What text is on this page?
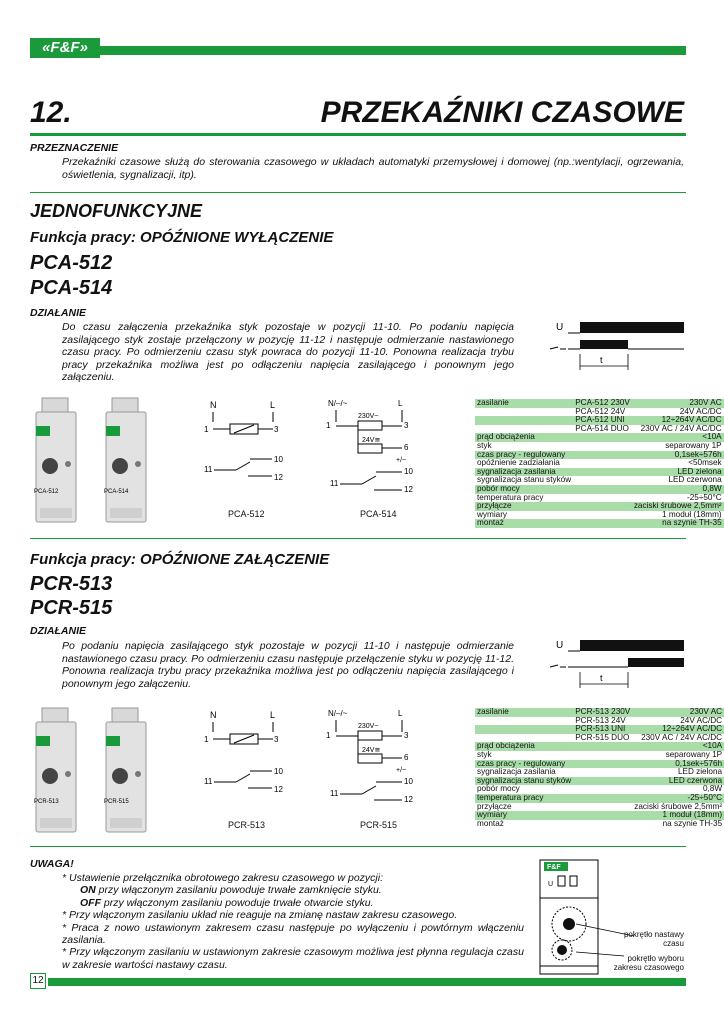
«F&F»
12.	PRZEKAŹNIKI CZASOWE
PRZEZNACZENIE
Przekaźniki czasowe służą do sterowania czasowego w układach automatyki przemysłowej i domowej (np.:wentylacji, ogrzewania, oświetlenia, sygnalizacji, itp).
JEDNOFUNKCYJNE
Funkcja pracy: OPÓŹNIONE WYŁĄCZENIE
PCA-512
PCA-514
DZIAŁANIE
Do czasu załączenia przekaźnika styk pozostaje w pozycji 11-10. Po podaniu napięcia zasilającego styk zostaje przełączony w pozycję 11-12 i następuje odmierzanie nastawionego czasu pracy. Po odmierzeniu czasu styk powraca do pozycji 11-10. Ponowna realizacja trybu pracy przekaźnika możliwa jest po odłączeniu napięcia zasilającego i ponownym jego załączeniu.
U
t
PCA-512	PCA-514
N	L
1	3
10
11
12
PCA-512
N/–/~	L
230V~
1	3
24V≅
6
+/~
10
11
12
PCA-514
zasilanie	PCA-512 230V	230V AC
	PCA-512 24V	24V AC/DC
	PCA-512 UNI	12÷264V AC/DC
	PCA-514 DUO	230V AC / 24V AC/DC
prąd obciążenia		<10A
styk		separowany 1P
czas pracy - regulowany		0,1sek÷576h
opóźnienie zadziałania		<50msek
sygnalizacja zasilania		LED zielona
sygnalizacja stanu styków		LED czerwona
pobór mocy		0,8W
temperatura pracy		-25÷50°C
przyłącze		zaciski śrubowe 2,5mm²
wymiary		1 moduł (18mm)
montaż		na szynie TH-35
Funkcja pracy: OPÓŹNIONE ZAŁĄCZENIE
PCR-513
PCR-515
DZIAŁANIE
Po podaniu napięcia zasilającego styk pozostaje w pozycji 11-10 i następuje odmierzanie nastawionego czasu pracy. Po odmierzeniu czasu następuje przełączenie styku w pozycję 11-12. Ponowna realizacja trybu pracy przekaźnika możliwa jest po odłączeniu napięcia zasilającego i ponownym jego załączeniu.
U
t
PCR-513	PCR-515
N	L
1	3
10
11
12
PCR-513
N/–/~	L
230V~
1	3
24V≅
6
+/~
10
11
12
PCR-515
zasilanie	PCR-513 230V	230V AC
	PCR-513 24V	24V AC/DC
	PCR-513 UNI	12÷264V AC/DC
	PCR-515 DUO	230V AC / 24V AC/DC
prąd obciążenia		<10A
styk		separowany 1P
czas pracy - regulowany		0,1sek÷576h
sygnalizacja zasilania		LED zielona
sygnalizacja stanu styków		LED czerwona
pobór mocy		0,8W
temperatura pracy		-25÷50°C
przyłącze		zaciski śrubowe 2,5mm²
wymiary		1 moduł (18mm)
montaż		na szynie TH-35
UWAGA!
* Ustawienie przełącznika obrotowego zakresu czasowego w pozycji:
ON przy włączonym zasilaniu powoduje trwałe zamknięcie styku.
OFF przy włączonym zasilaniu powoduje trwałe otwarcie styku.
* Przy włączonym zasilaniu układ nie reaguje na zmianę nastaw zakresu czasowego.
* Praca z nowo ustawionym zakresem czasu następuje po wyłączeniu i powtórnym włączeniu zasilania.
* Przy włączonym zasilaniu w ustawionym zakresie czasowym możliwa jest płynna regulacja czasu w zakresie wartości nastawy czasu.
F&F
U
pokrętło nastawy czasu
pokrętło wyboru zakresu czasowego
12
